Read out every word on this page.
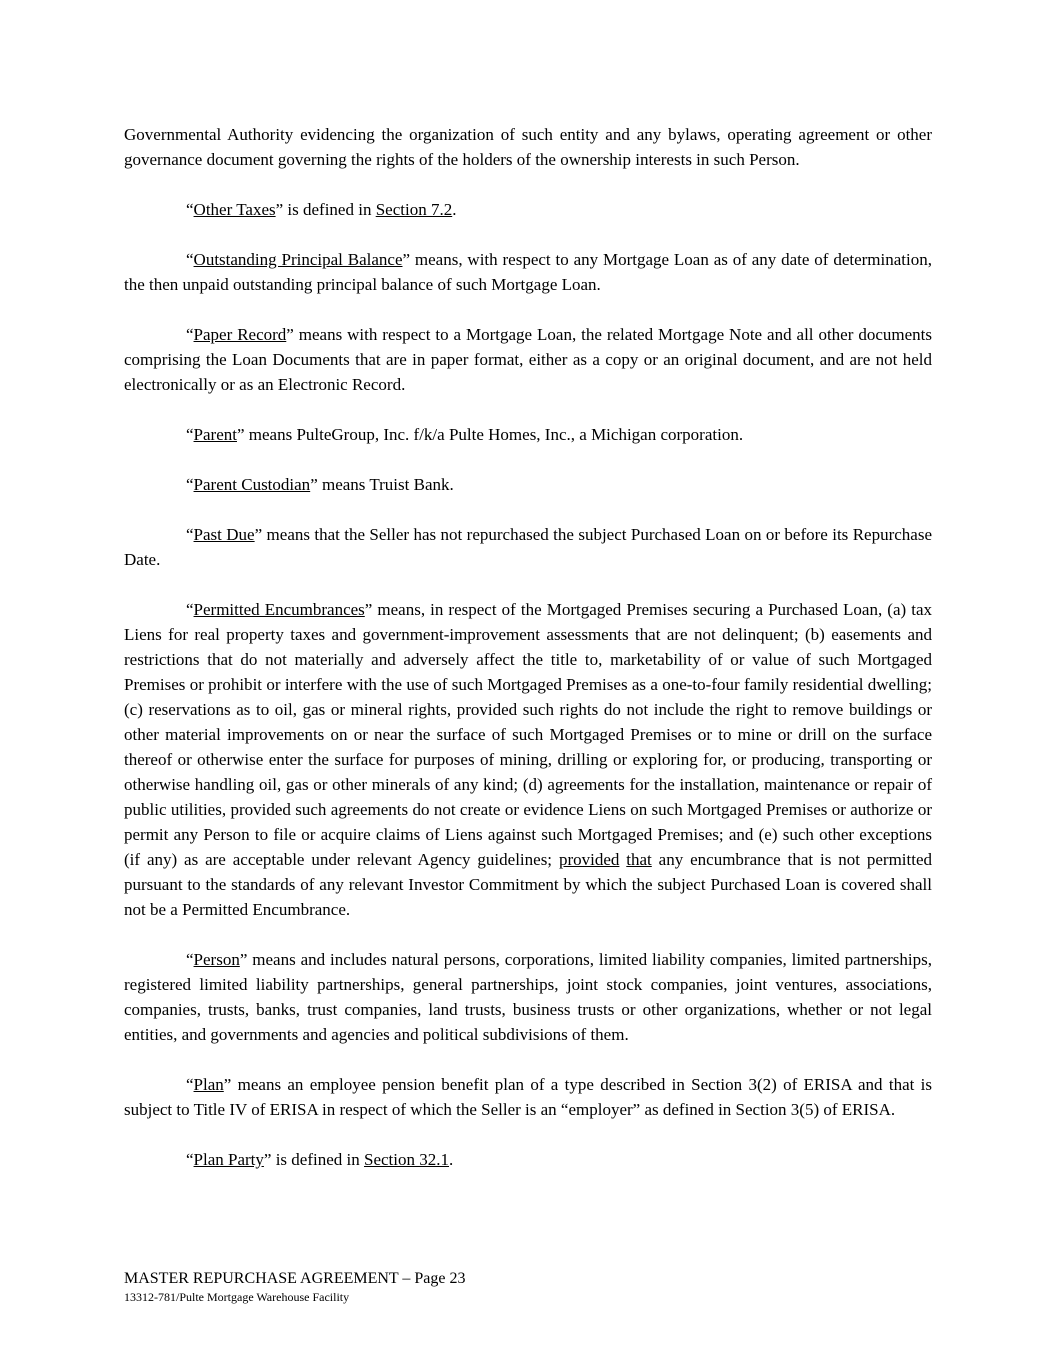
Governmental Authority evidencing the organization of such entity and any bylaws, operating agreement or other governance document governing the rights of the holders of the ownership interests in such Person.

“Other Taxes” is defined in Section 7.2.

“Outstanding Principal Balance” means, with respect to any Mortgage Loan as of any date of determination, the then unpaid outstanding principal balance of such Mortgage Loan.

“Paper Record” means with respect to a Mortgage Loan, the related Mortgage Note and all other documents comprising the Loan Documents that are in paper format, either as a copy or an original document, and are not held electronically or as an Electronic Record.

“Parent” means PulteGroup, Inc. f/k/a Pulte Homes, Inc., a Michigan corporation.

“Parent Custodian” means Truist Bank.

“Past Due” means that the Seller has not repurchased the subject Purchased Loan on or before its Repurchase Date.

“Permitted Encumbrances” means, in respect of the Mortgaged Premises securing a Purchased Loan, (a) tax Liens for real property taxes and government-improvement assessments that are not delinquent; (b) easements and restrictions that do not materially and adversely affect the title to, marketability of or value of such Mortgaged Premises or prohibit or interfere with the use of such Mortgaged Premises as a one-to-four family residential dwelling; (c) reservations as to oil, gas or mineral rights, provided such rights do not include the right to remove buildings or other material improvements on or near the surface of such Mortgaged Premises or to mine or drill on the surface thereof or otherwise enter the surface for purposes of mining, drilling or exploring for, or producing, transporting or otherwise handling oil, gas or other minerals of any kind; (d) agreements for the installation, maintenance or repair of public utilities, provided such agreements do not create or evidence Liens on such Mortgaged Premises or authorize or permit any Person to file or acquire claims of Liens against such Mortgaged Premises; and (e) such other exceptions (if any) as are acceptable under relevant Agency guidelines; provided that any encumbrance that is not permitted pursuant to the standards of any relevant Investor Commitment by which the subject Purchased Loan is covered shall not be a Permitted Encumbrance.

“Person” means and includes natural persons, corporations, limited liability companies, limited partnerships, registered limited liability partnerships, general partnerships, joint stock companies, joint ventures, associations, companies, trusts, banks, trust companies, land trusts, business trusts or other organizations, whether or not legal entities, and governments and agencies and political subdivisions of them.

“Plan” means an employee pension benefit plan of a type described in Section 3(2) of ERISA and that is subject to Title IV of ERISA in respect of which the Seller is an “employer” as defined in Section 3(5) of ERISA.

“Plan Party” is defined in Section 32.1.

MASTER REPURCHASE AGREEMENT – Page 23
13312-781/Pulte Mortgage Warehouse Facility
